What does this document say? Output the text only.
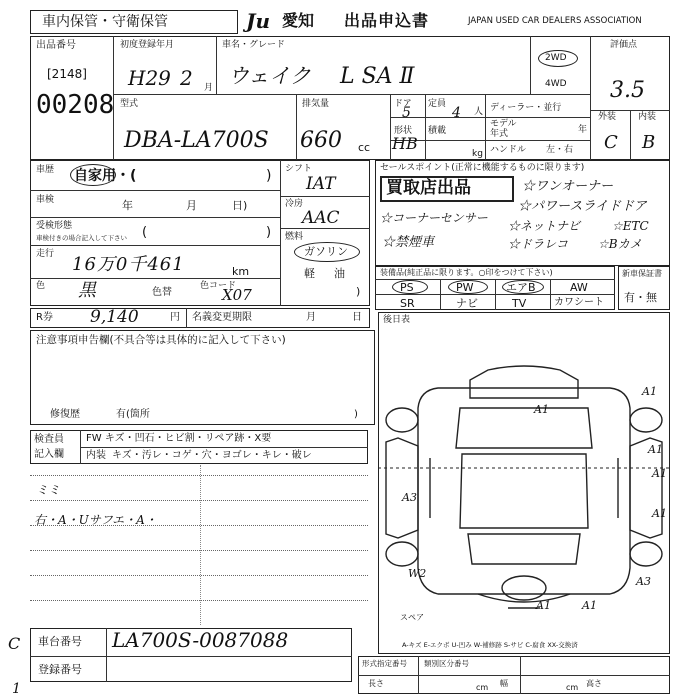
車内保管・守衛保管	Ju 愛知 出品申込書	JAPAN USED CAR DEALERS ASSOCIATION
出品番号
[2148]
00208
初度登録年月
H29 2 月
車名・グレード
ウェイク L SA Ⅱ
2WD
4WD
評価点
3.5
外装 内装
C B
型式
DBA-LA700S
排気量
660 cc
ドア
5
定員
4 人
形状
HB
積載
kg
ディーラー・並行
モデル
年式	年
ハンドル 左・右
車歴 自家用・(	)
車検	年	月	日)
受検形態
車検付きの場合記入して下さい (	)
走行 16万0千461	km
色 黒	色替
色コード
X07
シフト
IAT
冷房
AAC
燃料
ガソリン
軽 油
)
セールスポイント(正常に機能するものに限ります)
買取店出品	☆ワンオーナー
☆パワースライドドア
☆コーナーセンサー
☆ネットナビ	☆ETC
☆ドラレコ ☆Bカメ
☆禁煙車
装備品(純正品に限ります。○印をつけて下さい)
PS	PW	エアB	AW
SR	ナビ	TV	カワシート
新車保証書
有・無
R券 9,140	円 名義変更期限	月	日
注意事項申告欄(不具合等は具体的に記入して下さい)
修復歴	有(箇所	)
後日表
検査員
記入欄
FW キズ・凹石・ヒビ割・リペア跡・X要
内装 キズ・汚レ・コゲ・穴・ヨゴレ・キレ・破レ
ミミ
右・A・Uサフエ・A・
A1
A1
A1
A1
A1
A3
A3
W2
A1	A1
スペア
A-キズ E-エクボ U-凹み W-補修跡 S-サビ C-腐食 XX-交換済
車台番号 LA700S-0087088
登録番号	形式指定番号 類別区分番号
長さ	cm 幅	cm 高さ
C
1
